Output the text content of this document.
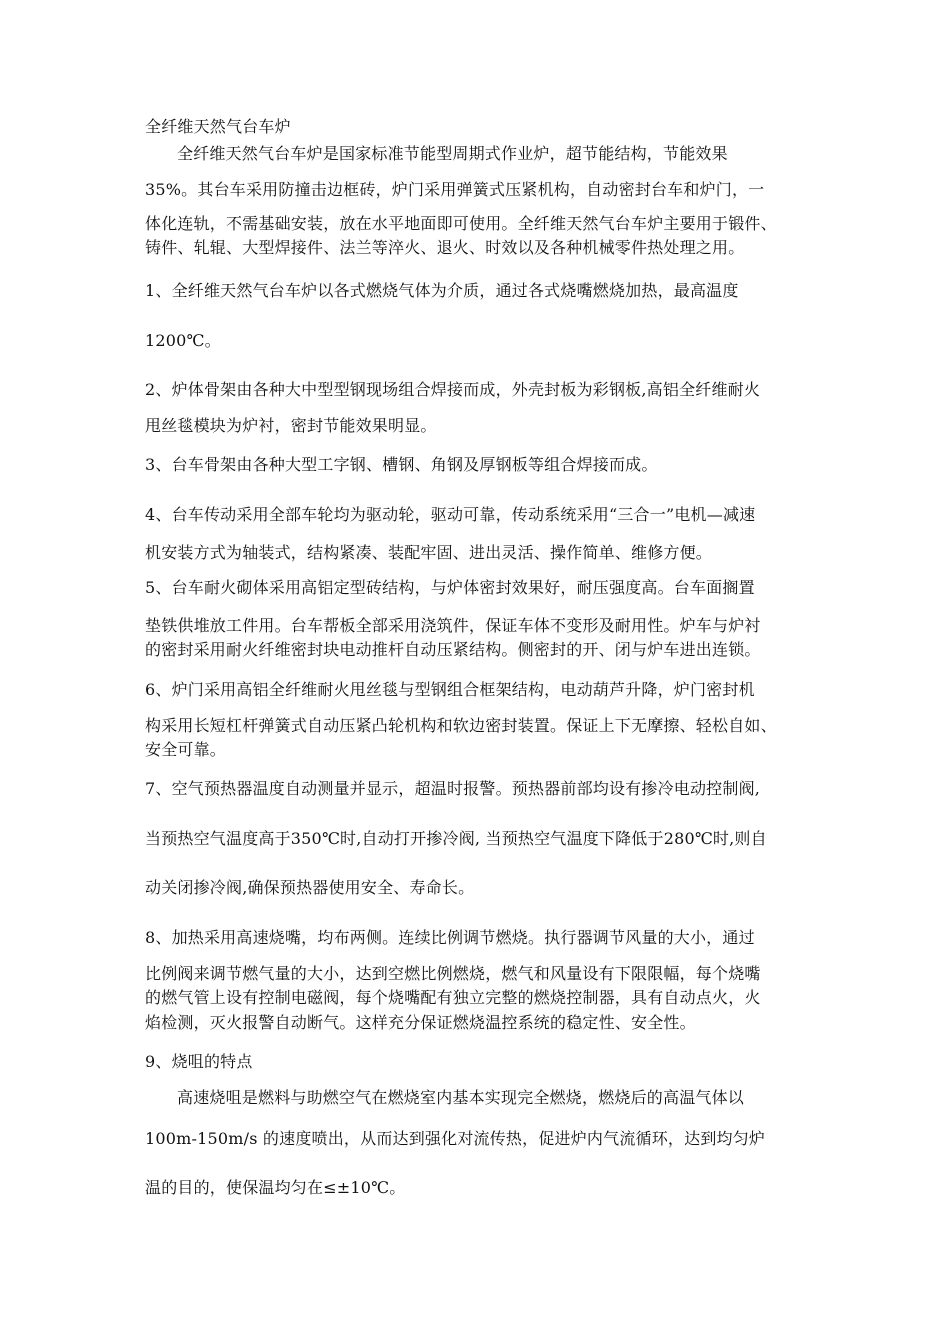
全纤维天然气台车炉
全纤维天然气台车炉是国家标准节能型周期式作业炉，超节能结构，节能效果
35%。其台车采用防撞击边框砖，炉门采用弹簧式压紧机构，自动密封台车和炉门，一
体化连轨，不需基础安装，放在水平地面即可使用。全纤维天然气台车炉主要用于锻件、
铸件、轧辊、大型焊接件、法兰等淬火、退火、时效以及各种机械零件热处理之用。
1、全纤维天然气台车炉以各式燃烧气体为介质，通过各式烧嘴燃烧加热，最高温度
1200℃。
2、炉体骨架由各种大中型型钢现场组合焊接而成，外壳封板为彩钢板,高铝全纤维耐火
甩丝毯模块为炉衬，密封节能效果明显。
3、台车骨架由各种大型工字钢、槽钢、角钢及厚钢板等组合焊接而成。
4、台车传动采用全部车轮均为驱动轮，驱动可靠，传动系统采用“三合一”电机—减速
机安装方式为轴装式，结构紧凑、装配牢固、进出灵活、操作简单、维修方便。
5、台车耐火砌体采用高铝定型砖结构，与炉体密封效果好，耐压强度高。台车面搁置
垫铁供堆放工件用。台车帮板全部采用浇筑件，保证车体不变形及耐用性。炉车与炉衬
的密封采用耐火纤维密封块电动推杆自动压紧结构。侧密封的开、闭与炉车进出连锁。
6、炉门采用高铝全纤维耐火甩丝毯与型钢组合框架结构，电动葫芦升降，炉门密封机
构采用长短杠杆弹簧式自动压紧凸轮机构和软边密封装置。保证上下无摩擦、轻松自如、
安全可靠。
7、空气预热器温度自动测量并显示，超温时报警。预热器前部均设有掺冷电动控制阀,
当预热空气温度高于350℃时,自动打开掺冷阀, 当预热空气温度下降低于280℃时,则自
动关闭掺冷阀,确保预热器使用安全、寿命长。
8、加热采用高速烧嘴，均布两侧。连续比例调节燃烧。执行器调节风量的大小，通过
比例阀来调节燃气量的大小，达到空燃比例燃烧，燃气和风量设有下限限幅，每个烧嘴
的燃气管上设有控制电磁阀，每个烧嘴配有独立完整的燃烧控制器，具有自动点火，火
焰检测，灭火报警自动断气。这样充分保证燃烧温控系统的稳定性、安全性。
9、烧咀的特点
高速烧咀是燃料与助燃空气在燃烧室内基本实现完全燃烧，燃烧后的高温气体以
100m-150m/s 的速度喷出，从而达到强化对流传热，促进炉内气流循环，达到均匀炉
温的目的，使保温均匀在≤±10℃。
